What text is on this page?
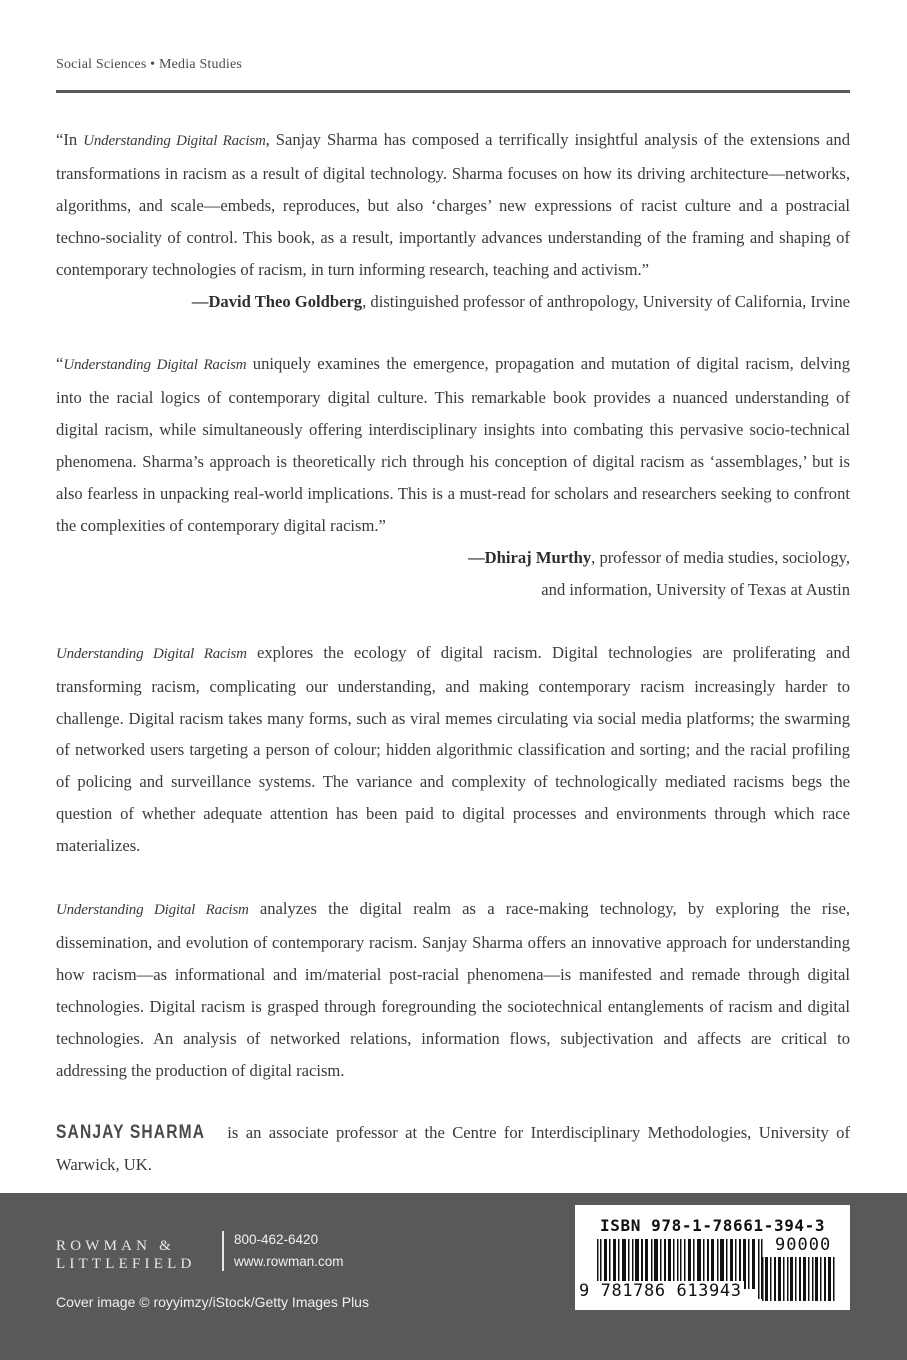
Social Sciences • Media Studies

“In Understanding Digital Racism, Sanjay Sharma has composed a terrifically insightful analysis of the extensions and transformations in racism as a result of digital technology. Sharma focuses on how its driving architecture—networks, algorithms, and scale—embeds, reproduces, but also ‘charges’ new expressions of racist culture and a postracial techno-sociality of control. This book, as a result, importantly advances understanding of the framing and shaping of contemporary technologies of racism, in turn informing research, teaching and activism.”

—David Theo Goldberg, distinguished professor of anthropology, University of California, Irvine

“Understanding Digital Racism uniquely examines the emergence, propagation and mutation of digital racism, delving into the racial logics of contemporary digital culture. This remarkable book provides a nuanced understanding of digital racism, while simultaneously offering interdisciplinary insights into combating this pervasive socio-technical phenomena. Sharma’s approach is theoretically rich through his conception of digital racism as ‘assemblages,’ but is also fearless in unpacking real-world implications. This is a must-read for scholars and researchers seeking to confront the complexities of contemporary digital racism.”

—Dhiraj Murthy, professor of media studies, sociology,

and information, University of Texas at Austin

Understanding Digital Racism explores the ecology of digital racism. Digital technologies are proliferating and transforming racism, complicating our understanding, and making contemporary racism increasingly harder to challenge. Digital racism takes many forms, such as viral memes circulating via social media platforms; the swarming of networked users targeting a person of colour; hidden algorithmic classification and sorting; and the racial profiling of policing and surveillance systems. The variance and complexity of technologically mediated racisms begs the question of whether adequate attention has been paid to digital processes and environments through which race materializes.

Understanding Digital Racism analyzes the digital realm as a race-making technology, by exploring the rise, dissemination, and evolution of contemporary racism. Sanjay Sharma offers an innovative approach for understanding how racism—as informational and im/material post-racial phenomena—is manifested and remade through digital technologies. Digital racism is grasped through foregrounding the sociotechnical entanglements of racism and digital technologies. An analysis of networked relations, information flows, subjectivation and affects are critical to addressing the production of digital racism.

SANJAY SHARMA is an associate professor at the Centre for Interdisciplinary Methodologies, University of Warwick, UK.

ROWMAN &
LITTLEFIELD
800-462-6420
www.rowman.com
Cover image © royyimzy/iStock/Getty Images Plus
ISBN 978-1-78661-394-3
90000
9 781786 613943
